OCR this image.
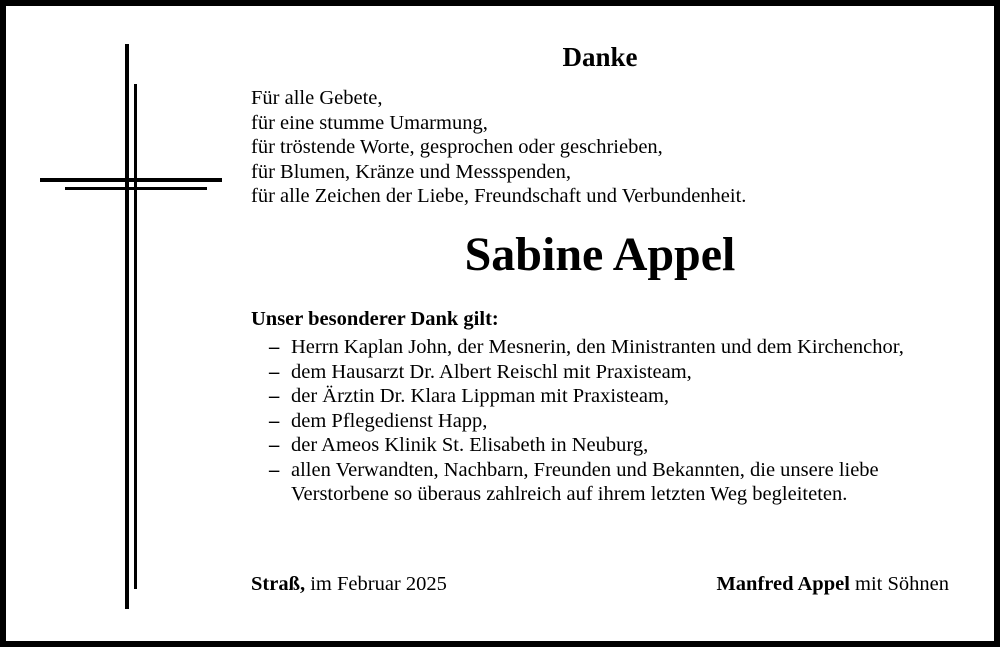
Danke
Für alle Gebete,
für eine stumme Umarmung,
für tröstende Worte, gesprochen oder geschrieben,
für Blumen, Kränze und Messspenden,
für alle Zeichen der Liebe, Freundschaft und Verbundenheit.
Sabine Appel
Unser besonderer Dank gilt:
– Herrn Kaplan John, der Mesnerin, den Ministranten und dem Kirchenchor,
– dem Hausarzt Dr. Albert Reischl mit Praxisteam,
– der Ärztin Dr. Klara Lippman mit Praxisteam,
– dem Pflegedienst Happ,
– der Ameos Klinik St. Elisabeth in Neuburg,
– allen Verwandten, Nachbarn, Freunden und Bekannten, die unsere liebe Verstorbene so überaus zahlreich auf ihrem letzten Weg begleiteten.
Straß, im Februar 2025	Manfred Appel mit Söhnen
